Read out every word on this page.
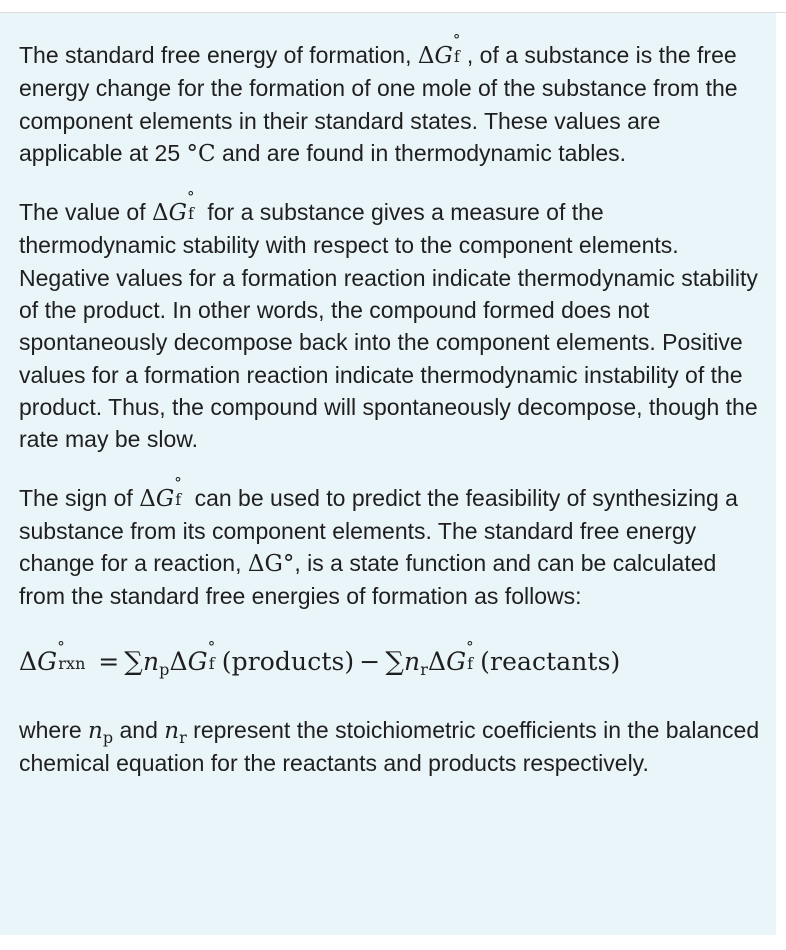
The standard free energy of formation, ΔG
°
f , of a substance is the free energy change for the formation of one mole of the substance from the component elements in their standard states. These values are applicable at 25 °C and are found in thermodynamic tables.

The value of ΔG
°
f for a substance gives a measure of the thermodynamic stability with respect to the component elements. Negative values for a formation reaction indicate thermodynamic stability of the product. In other words, the compound formed does not spontaneously decompose back into the component elements. Positive values for a formation reaction indicate thermodynamic instability of the product. Thus, the compound will spontaneously decompose, though the rate may be slow.

The sign of ΔG
°
f can be used to predict the feasibility of synthesizing a substance from its component elements. The standard free energy change for a reaction, ΔG°, is a state function and can be calculated from the standard free energies of formation as follows:

ΔG °
rxn = $\sum n_p\Delta G$ °
f (products) − $\sum n_r\Delta G$ °
f (reactants)

where $n_p$ and $n_r$ represent the stoichiometric coefficients in the balanced chemical equation for the reactants and products respectively.
